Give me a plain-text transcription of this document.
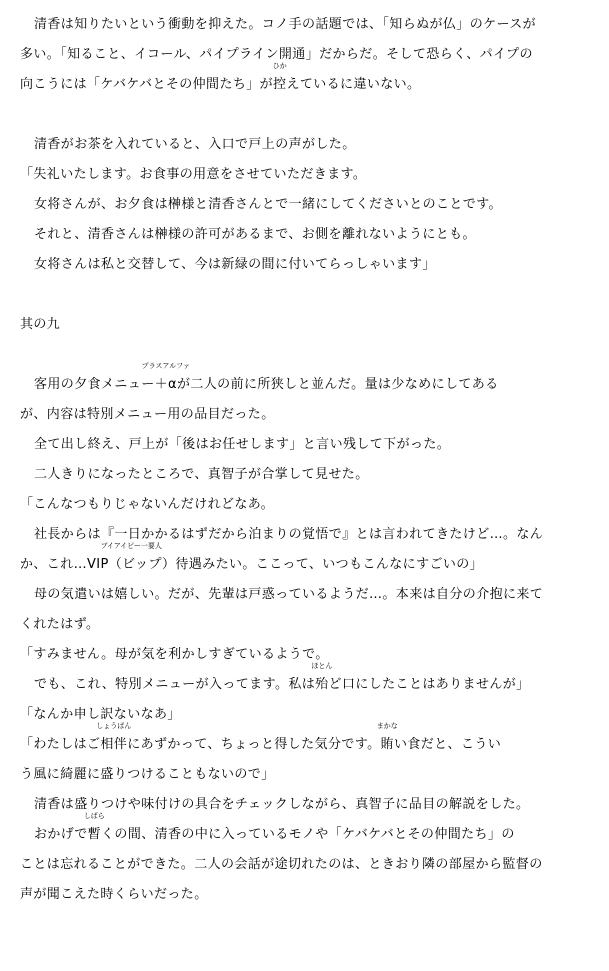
清香は知りたいという衝動を抑えた。コノ手の話題では、「知らぬが仏」のケースが
多い。「知ること、イコール、パイプライン開通」だからだ。そして恐らく、パイプの
向こうには「ケバケバとその仲間たち」が控
ひか
えているに違いない。
清香がお茶を入れていると、入口で戸上の声がした。
「失礼いたします。お食事の用意をさせていただきます。
女将さんが、お夕食は榊様と清香さんとで一緒にしてくださいとのことです。
それと、清香さんは榊様の許可があるまで、お側を離れないようにとも。
女将さんは私と交替して、今は新緑の間に付いてらっしゃいます」
其の九
客用の夕食メニュー＋α
プラスアルファ
が二人の前に所狭しと並んだ。量は少なめにしてある
が、内容は特別メニュー用の品目だった。
全て出し終え、戸上が「後はお任せします」と言い残して下がった。
二人きりになったところで、真智子が合掌して見せた。
「こんなつもりじゃないんだけれどなあ。
社長からは『一日かかるはずだから泊まりの覚悟で』とは言われてきたけど…。なん
か、これ…VIP（ビップ）
ブイアイピー一要人
待遇みたい。ここって、いつもこんなにすごいの」
母の気遣いは嬉しい。だが、先輩は戸惑っているようだ…。本来は自分の介抱に来て
くれたはず。
「すみません。母が気を利かしすぎているようで。
でも、これ、特別メニューが入ってます。私は殆
ほとん
ど口にしたことはありませんが」
「なんか申し訳ないなあ」
「わたしはご相伴
しょうばん
にあずかって、ちょっと得した気分です。賄
まかな
い食だと、こうい
う風に綺麗に盛りつけることもないので」
清香は盛りつけや味付けの具合をチェックしながら、真智子に品目の解説をした。
おかげで暫
しばら
くの間、清香の中に入っているモノや「ケバケバとその仲間たち」の
ことは忘れることができた。二人の会話が途切れたのは、ときおり隣の部屋から監督の
声が聞こえた時くらいだった。
